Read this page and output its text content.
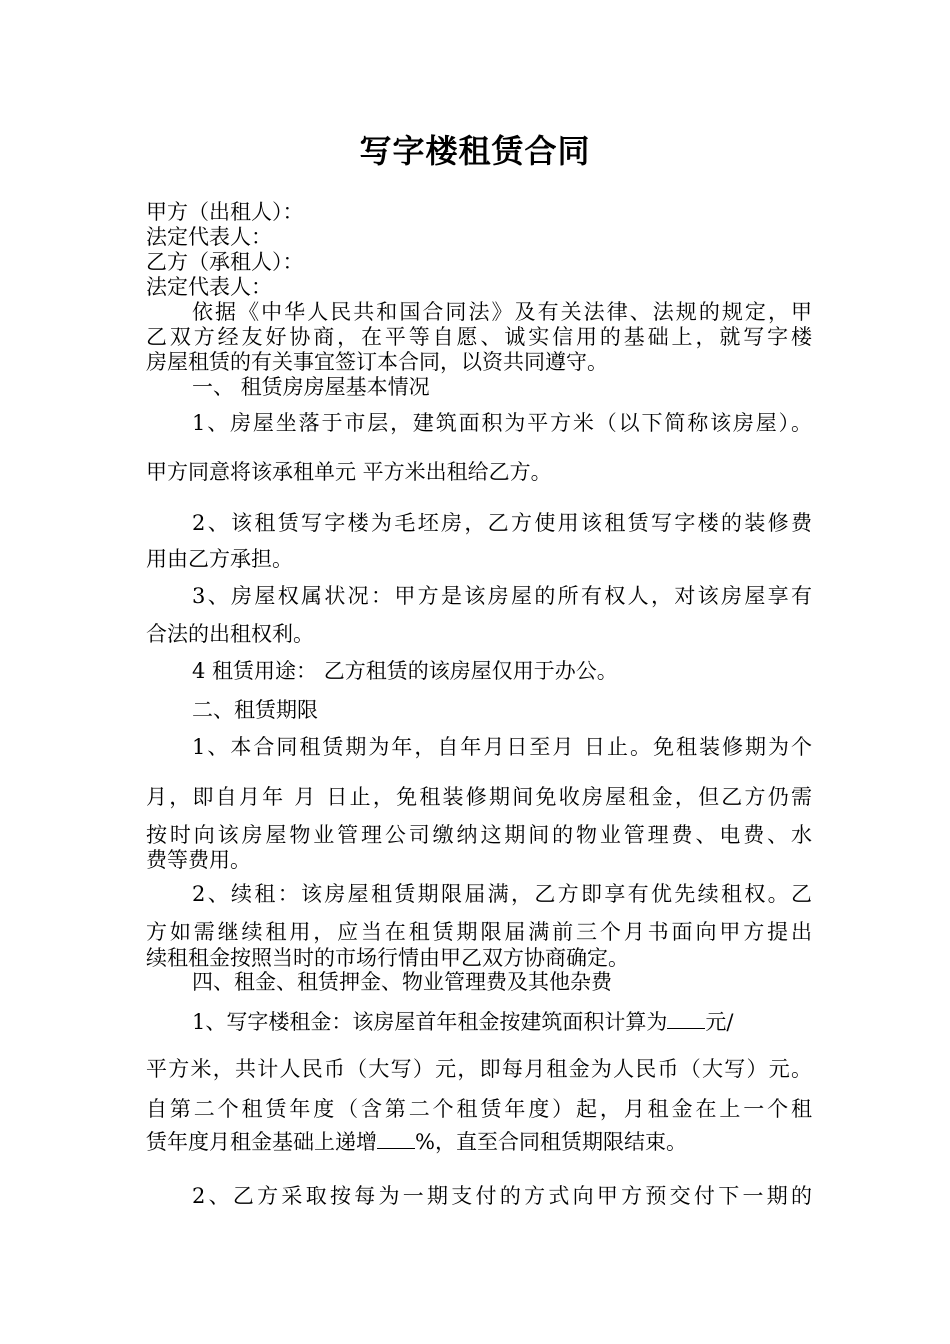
写字楼租赁合同
甲方（出租人）：
法定代表人：
乙方（承租人）：
法定代表人：
依据《中华人民共和国合同法》及有关法律、法规的规定，甲
乙双方经友好协商，在平等自愿、诚实信用的基础上，就写字楼
房屋租赁的有关事宜签订本合同，以资共同遵守。
一、 租赁房房屋基本情况
1、房屋坐落于市层，建筑面积为平方米（以下简称该房屋）。
甲方同意将该承租单元 平方米出租给乙方。
2、该租赁写字楼为毛坯房，乙方使用该租赁写字楼的装修费
用由乙方承担。
3、房屋权属状况：甲方是该房屋的所有权人，对该房屋享有
合法的出租权利。
4 租赁用途： 乙方租赁的该房屋仅用于办公。
二、租赁期限
1、本合同租赁期为年，自年月日至月 日止。免租装修期为个
月，即自月年 月 日止，免租装修期间免收房屋租金，但乙方仍需
按时向该房屋物业管理公司缴纳这期间的物业管理费、电费、水
费等费用。
2、续租：该房屋租赁期限届满，乙方即享有优先续租权。乙
方如需继续租用，应当在租赁期限届满前三个月书面向甲方提出
续租租金按照当时的市场行情由甲乙双方协商确定。
四、租金、租赁押金、物业管理费及其他杂费
1、写字楼租金：该房屋首年租金按建筑面积计算为 元/
平方米，共计人民币（大写）元，即每月租金为人民币（大写）元。
自第二个租赁年度（含第二个租赁年度）起，月租金在上一个租
赁年度月租金基础上递增 %，直至合同租赁期限结束。
2、乙方采取按每为一期支付的方式向甲方预交付下一期的
